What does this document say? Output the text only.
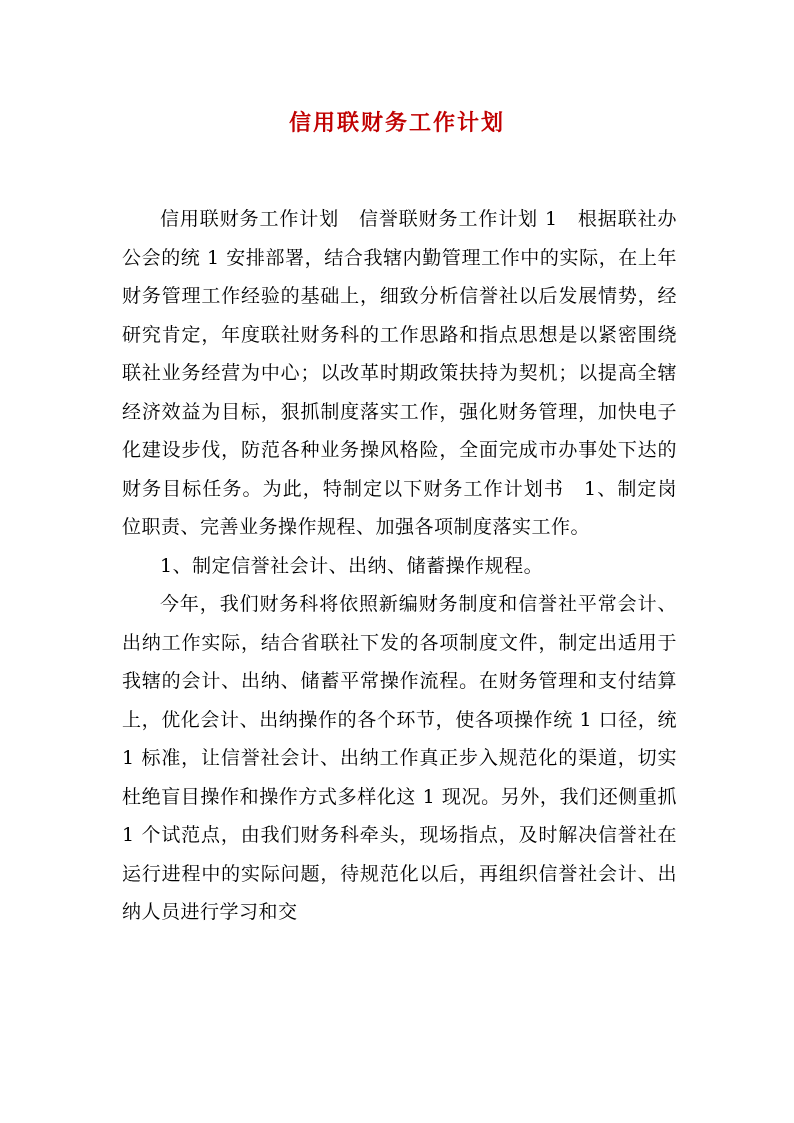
信用联财务工作计划

信用联财务工作计划　信誉联财务工作计划 1　根据联社办公会的统 1 安排部署，结合我辖内勤管理工作中的实际，在上年财务管理工作经验的基础上，细致分析信誉社以后发展情势，经研究肯定，年度联社财务科的工作思路和指点思想是以紧密围绕联社业务经营为中心；以改革时期政策扶持为契机；以提高全辖经济效益为目标，狠抓制度落实工作，强化财务管理，加快电子化建设步伐，防范各种业务操风格险，全面完成市办事处下达的财务目标任务。为此，特制定以下财务工作计划书　1、制定岗位职责、完善业务操作规程、加强各项制度落实工作。

1、制定信誉社会计、出纳、储蓄操作规程。

今年，我们财务科将依照新编财务制度和信誉社平常会计、出纳工作实际，结合省联社下发的各项制度文件，制定出适用于我辖的会计、出纳、储蓄平常操作流程。在财务管理和支付结算上，优化会计、出纳操作的各个环节，使各项操作统 1 口径，统 1 标准，让信誉社会计、出纳工作真正步入规范化的渠道，切实杜绝盲目操作和操作方式多样化这 1 现况。另外，我们还侧重抓 1 个试范点，由我们财务科牵头，现场指点，及时解决信誉社在运行进程中的实际问题，待规范化以后，再组织信誉社会计、出纳人员进行学习和交
